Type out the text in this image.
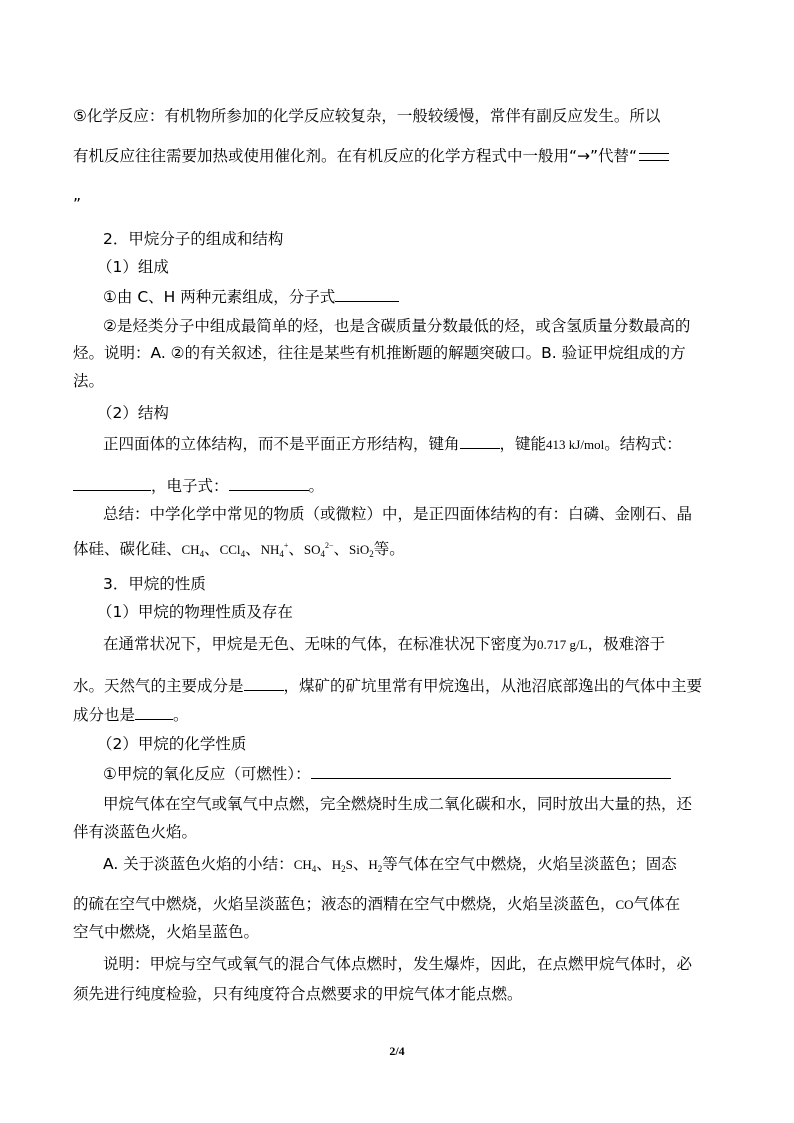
⑤化学反应：有机物所参加的化学反应较复杂，一般较缓慢，常伴有副反应发生。所以
有机反应往往需要加热或使用催化剂。在有机反应的化学方程式中一般用“→”代替“
”
2．甲烷分子的组成和结构
（1）组成
①由 C、H 两种元素组成，分子式
②是烃类分子中组成最简单的烃，也是含碳质量分数最低的烃，或含氢质量分数最高的
烃。说明：A. ②的有关叙述，往往是某些有机推断题的解题突破口。B. 验证甲烷组成的方
法。
（2）结构
正四面体的立体结构，而不是平面正方形结构，键角	，键能413 kJ/mol。结构式：
，电子式：	。
总结：中学化学中常见的物质（或微粒）中，是正四面体结构的有：白磷、金刚石、晶
体硅、碳化硅、$CH_4$、CCl$_4$、$NH_4^+$、$SO_4^{2-}$、SiO$_2$等。
3．甲烷的性质
（1）甲烷的物理性质及存在
在通常状况下，甲烷是无色、无味的气体，在标准状况下密度为0.717 g/L，极难溶于
水。天然气的主要成分是	，煤矿的矿坑里常有甲烷逸出，从池沼底部逸出的气体中主要
成分也是 。
（2）甲烷的化学性质
①甲烷的氧化反应（可燃性）：
甲烷气体在空气或氧气中点燃，完全燃烧时生成二氧化碳和水，同时放出大量的热，还
伴有淡蓝色火焰。
A. 关于淡蓝色火焰的小结：$CH_4$、$H_2S$、$H_2$等气体在空气中燃烧，火焰呈淡蓝色；固态
的硫在空气中燃烧，火焰呈淡蓝色；液态的酒精在空气中燃烧，火焰呈淡蓝色，CO气体在
空气中燃烧，火焰呈蓝色。
说明：甲烷与空气或氧气的混合气体点燃时，发生爆炸，因此，在点燃甲烷气体时，必
须先进行纯度检验，只有纯度符合点燃要求的甲烷气体才能点燃。
2/4
